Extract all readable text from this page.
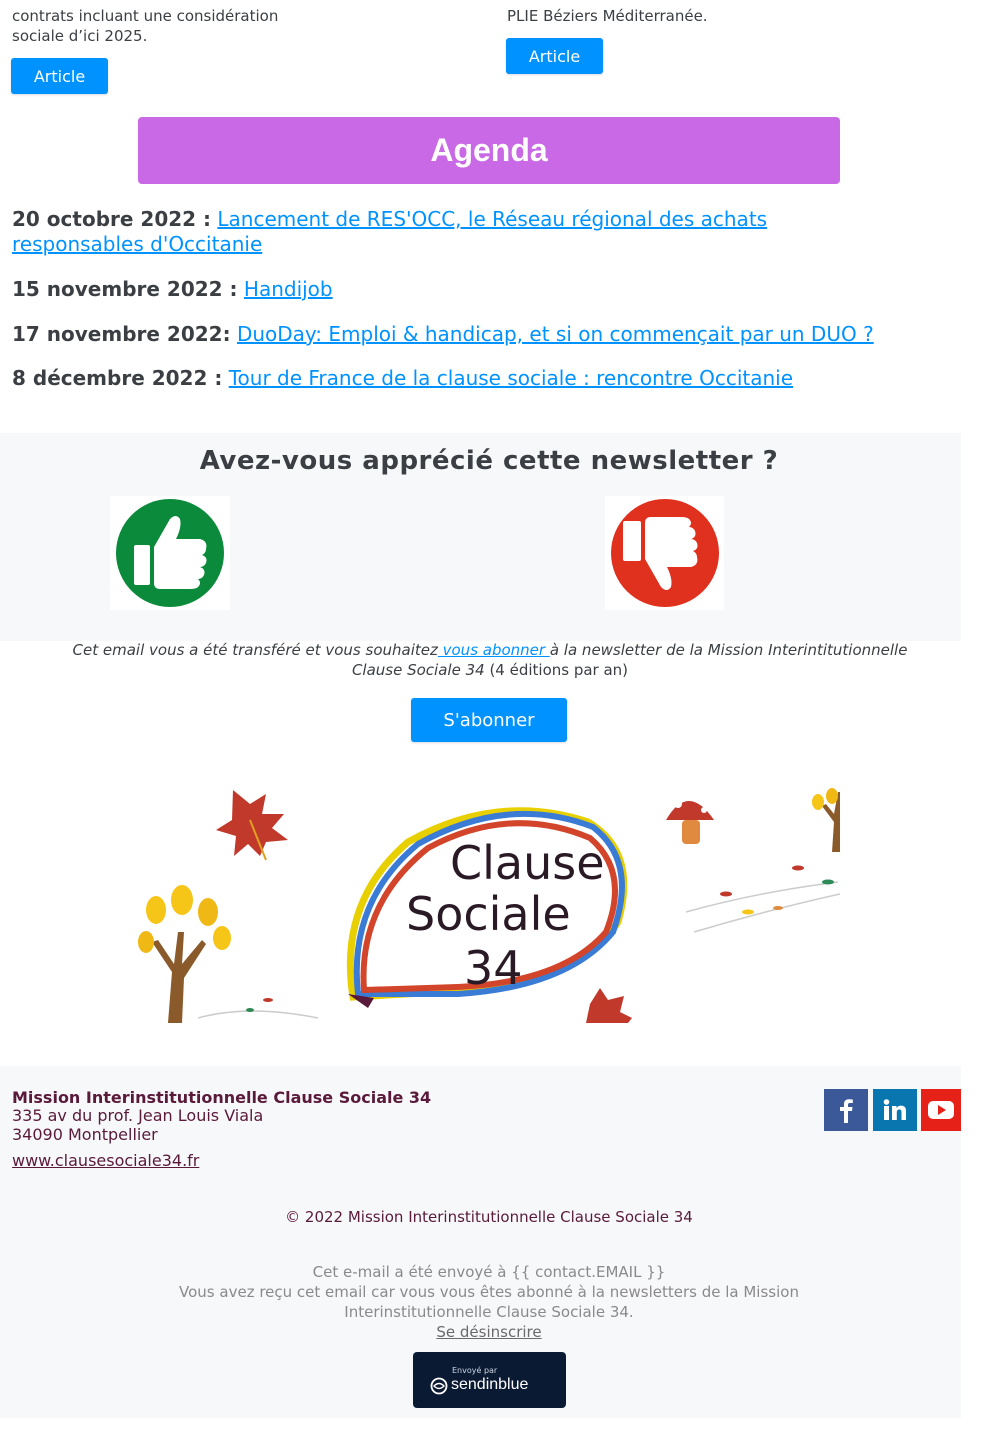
contrats incluant une considération
sociale d’ici 2025.
Article
PLIE Béziers Méditerranée.
Article
Agenda
20 octobre 2022 : Lancement de RES'OCC, le Réseau régional des achats
responsables d'Occitanie
15 novembre 2022 : Handijob
17 novembre 2022: DuoDay: Emploi & handicap, et si on commençait par un DUO ?
8 décembre 2022 : Tour de France de la clause sociale : rencontre Occitanie
Avez-vous apprécié cette newsletter ?
Cet email vous a été transféré et vous souhaitez vous abonner à la newsletter de la Mission Interintitutionnelle
Clause Sociale 34 (4 éditions par an)
S'abonner
Clause
Sociale
34
Mission Interinstitutionnelle Clause Sociale 34
335 av du prof. Jean Louis Viala
34090 Montpellier
www.clausesociale34.fr
© 2022 Mission Interinstitutionnelle Clause Sociale 34
Cet e-mail a été envoyé à {{ contact.EMAIL }}
Vous avez reçu cet email car vous vous êtes abonné à la newsletters de la Mission
Interinstitutionnelle Clause Sociale 34.
Se désinscrire
Envoyé par
sendinblue
